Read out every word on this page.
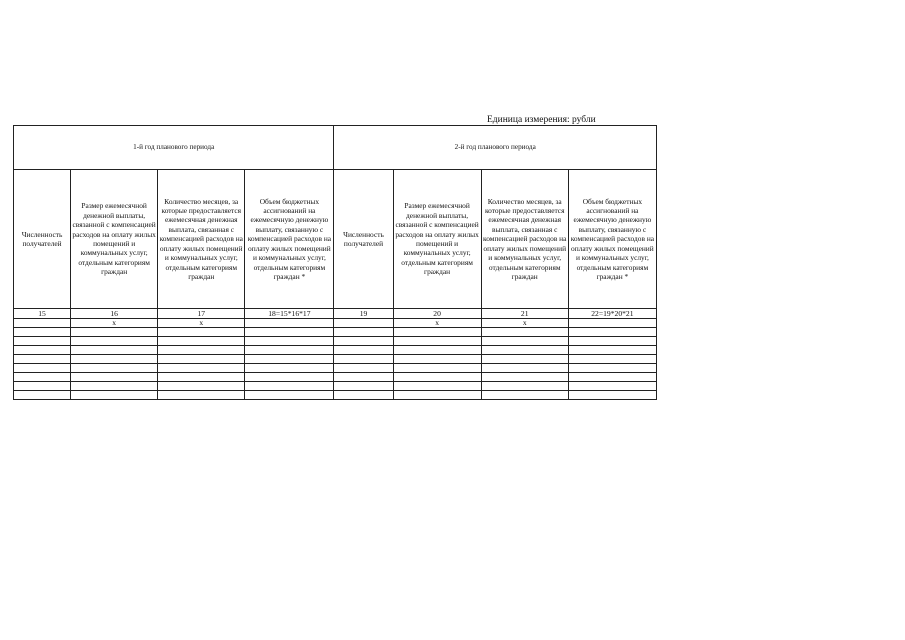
Единица измерения: рубли
1-й год планового периода				2-й год планового периода			

Численность получателей	Размер ежемесячной денежной выплаты, связанной с компенсацией расходов на оплату жилых помещений и коммунальных услуг, отдельным категориям граждан	Количество месяцев, за которые предоставляется ежемесячная денежная выплата, связанная с компенсацией расходов на оплату жилых помещений и коммунальных услуг, отдельным категориям граждан	Объем бюджетных ассигнований на ежемесячную денежную выплату, связанную с компенсацией расходов на оплату жилых помещений и коммунальных услуг, отдельным категориям граждан *	Численность получателей	Размер ежемесячной денежной выплаты, связанной с компенсацией расходов на оплату жилых помещений и коммунальных услуг, отдельным категориям граждан	Количество месяцев, за которые предоставляется ежемесячная денежная выплата, связанная с компенсацией расходов на оплату жилых помещений и коммунальных услуг, отдельным категориям граждан	Объем бюджетных ассигнований на ежемесячную денежную выплату, связанную с компенсацией расходов на оплату жилых помещений и коммунальных услуг, отдельным категориям граждан *

15	16	17	18=15*16*17	19	20	21	22=19*20*21
	x	x			x	x	
